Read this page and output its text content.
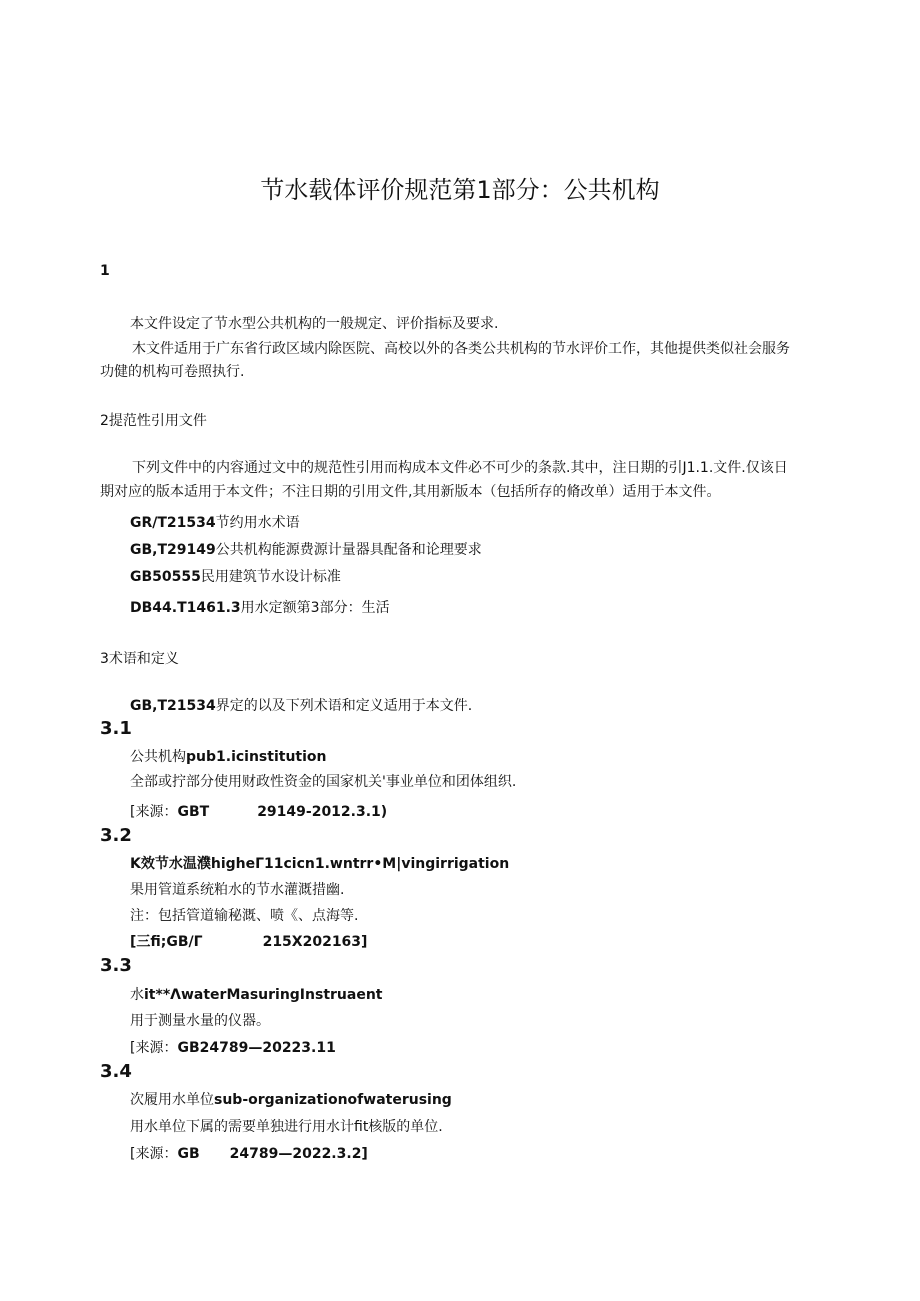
节水载体评价规范第1部分：公共机构
1
本文件设定了节水型公共机构的一般规定、评价指标及要求.
木文件适用于广东省行政区域内除医院、高校以外的各类公共机构的节水评价工作，其他提供类似社会服务
功健的机构可卷照执行.
2提范性引用文件
下列文件中的内容通过文中的规范性引用而构成本文件必不可少的条款.其中，注日期的引J1.1.文件.仅该日
期对应的版本适用于本文件；不注日期的引用文件,其用新版本（包括所存的脩改单）适用于本文件。
GR/T21534节约用水术语
GB,T29149公共机构能源费源计量器具配备和论理要求
GB50555民用建筑节水设计标准
DB44.T1461.3用水定额第3部分：生活
3术语和定义
GB,T21534界定的以及下列术语和定义适用于本文件.
3.1
公共机构pub1.icinstitution
全部或拧部分使用财政性资金的国家机关'事业单位和团体组织.
[来源：GBT	29149-2012.3.1)
3.2
K效节水温濮higheΓ11cicn1.wntrr•M|vingirrigation
果用管道系统粕水的节水灌溉措幽.
注：包括管道输秘溉、喷《、点海等.
[三fi;GB/Γ	215X202163]
3.3
水it**ΛwaterMasuringInstruaent
用于测量水量的仪器。
[来源：GB24789—20223.11
3.4
次履用水单位sub-organizationofwaterusing
用水单位下属的需要单独进行用水计fit核版的单位.
[来源：GB 24789—2022.3.2]
